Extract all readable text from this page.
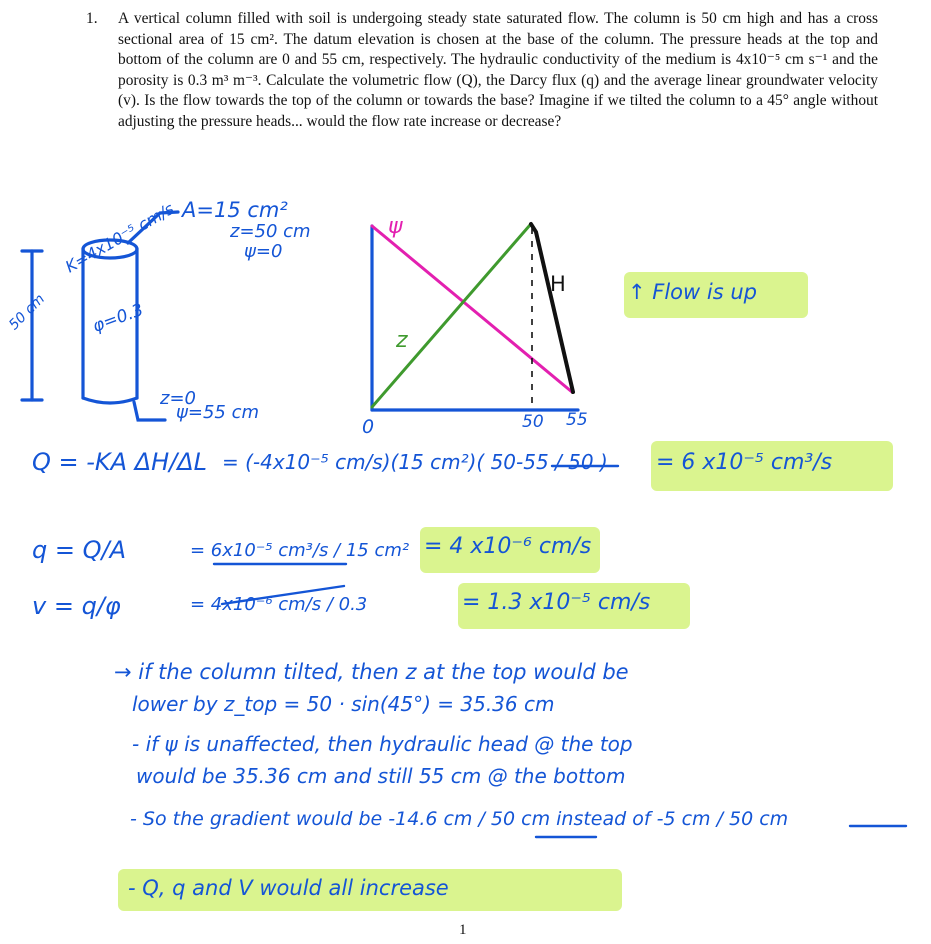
1. A vertical column filled with soil is undergoing steady state saturated flow. The column is 50 cm high and has a cross sectional area of 15 cm². The datum elevation is chosen at the base of the column. The pressure heads at the top and bottom of the column are 0 and 55 cm, respectively. The hydraulic conductivity of the medium is 4x10⁻⁵ cm s⁻¹ and the porosity is 0.3 m³ m⁻³. Calculate the volumetric flow (Q), the Darcy flux (q) and the average linear groundwater velocity (v). Is the flow towards the top of the column or towards the base? Imagine if we tilted the column to a 45° angle without adjusting the pressure heads... would the flow rate increase or decrease?
A=15 cm²
z=50 cm
ψ=0
K=4x10⁻⁵ cm/s
φ=0.3
50 cm
z=0
ψ=55 cm
ψ
z
H
0	50 55
↑ Flow is up
Q = -KA ΔH/ΔL = (-4x10⁻⁵ cm/s)(15 cm²)( 50-55 / 50 ) = 6 x10⁻⁵ cm³/s
q = Q/A	= 6x10⁻⁵ cm³/s / 15 cm² = 4 x10⁻⁶ cm/s
v = q/φ	= 4x10⁻⁶ cm/s / 0.3	= 1.3 x10⁻⁵ cm/s
→ if the column tilted, then z at the top would be
lower by z_top = 50 · sin(45°) = 35.36 cm
- if ψ is unaffected, then hydraulic head @ the top
would be 35.36 cm and still 55 cm @ the bottom
- So the gradient would be -14.6 cm / 50 cm instead of -5 cm / 50 cm
- Q, q and V would all increase
1
